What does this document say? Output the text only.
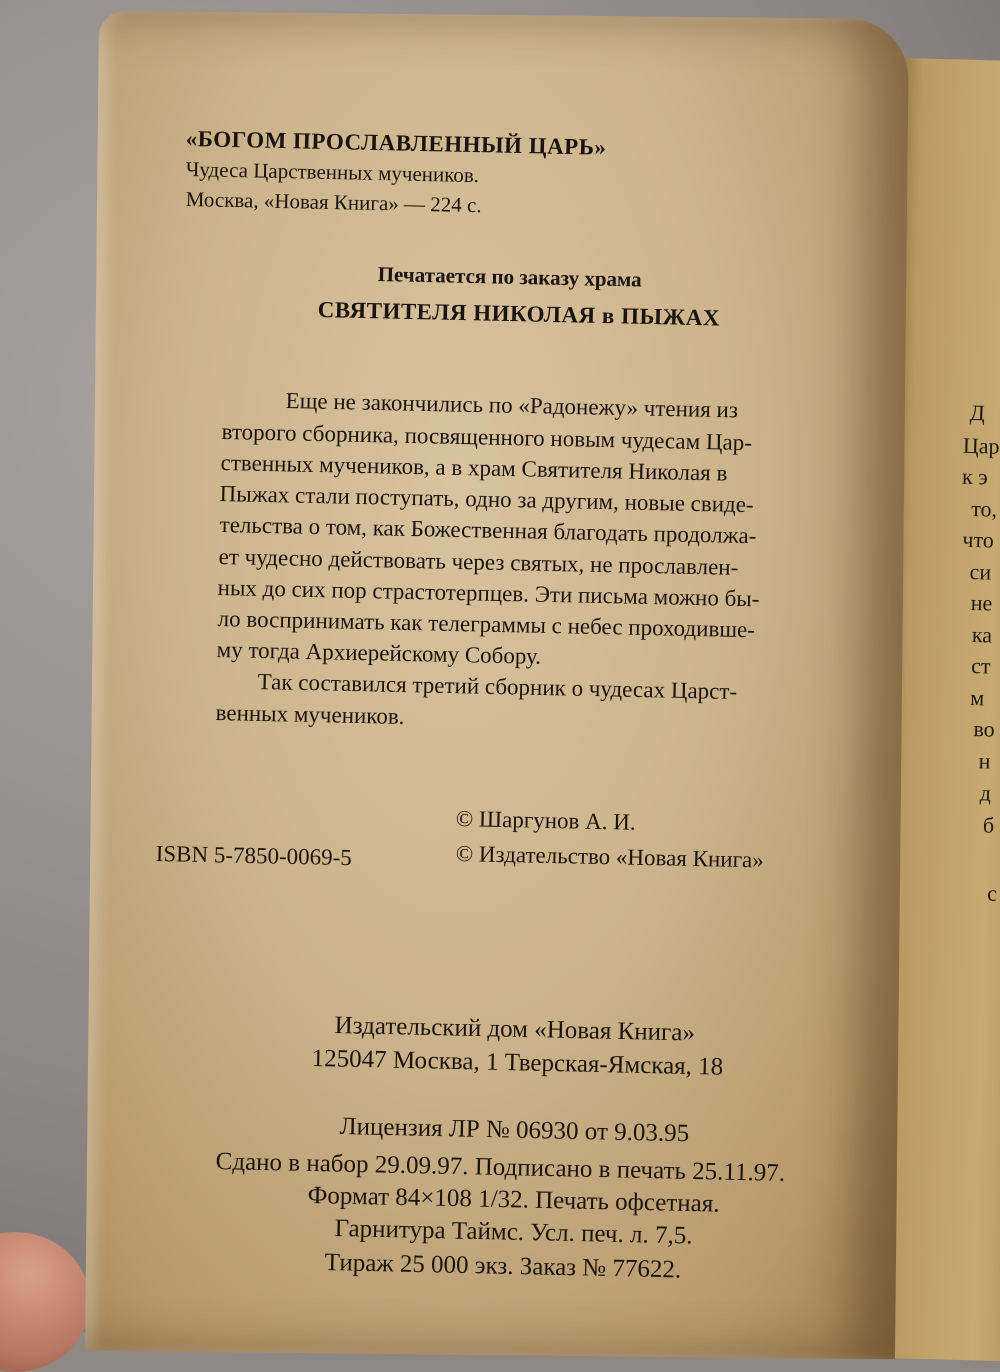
Д
Цар
к э
то,
что
си
не
ка
ст
м
во
н
д
б
с
«БОГОМ ПРОСЛАВЛЕННЫЙ ЦАРЬ»
Чудеса Царственных мучеников.
Москва, «Новая Книга» — 224 с.
Печатается по заказу храма
СВЯТИТЕЛЯ НИКОЛАЯ в ПЫЖАХ
Еще не закончились по «Радонежу» чтения из
второго сборника, посвященного новым чудесам Цар-
ственных мучеников, а в храм Святителя Николая в
Пыжах стали поступать, одно за другим, новые свиде-
тельства о том, как Божественная благодать продолжа-
ет чудесно действовать через святых, не прославлен-
ных до сих пор страстотерпцев. Эти письма можно бы-
ло воспринимать как телеграммы с небес проходивше-
му тогда Архиерейскому Собору.
Так составился третий сборник о чудесах Царст-
венных мучеников.
© Шаргунов А. И.
ISBN 5-7850-0069-5	© Издательство «Новая Книга»
Издательский дом «Новая Книга»
125047 Москва, 1 Тверская-Ямская, 18
Лицензия ЛР № 06930 от 9.03.95
Сдано в набор 29.09.97. Подписано в печать 25.11.97.
Формат 84×108 1/32. Печать офсетная.
Гарнитура Таймс. Усл. печ. л. 7,5.
Тираж 25 000 экз. Заказ № 77622.
